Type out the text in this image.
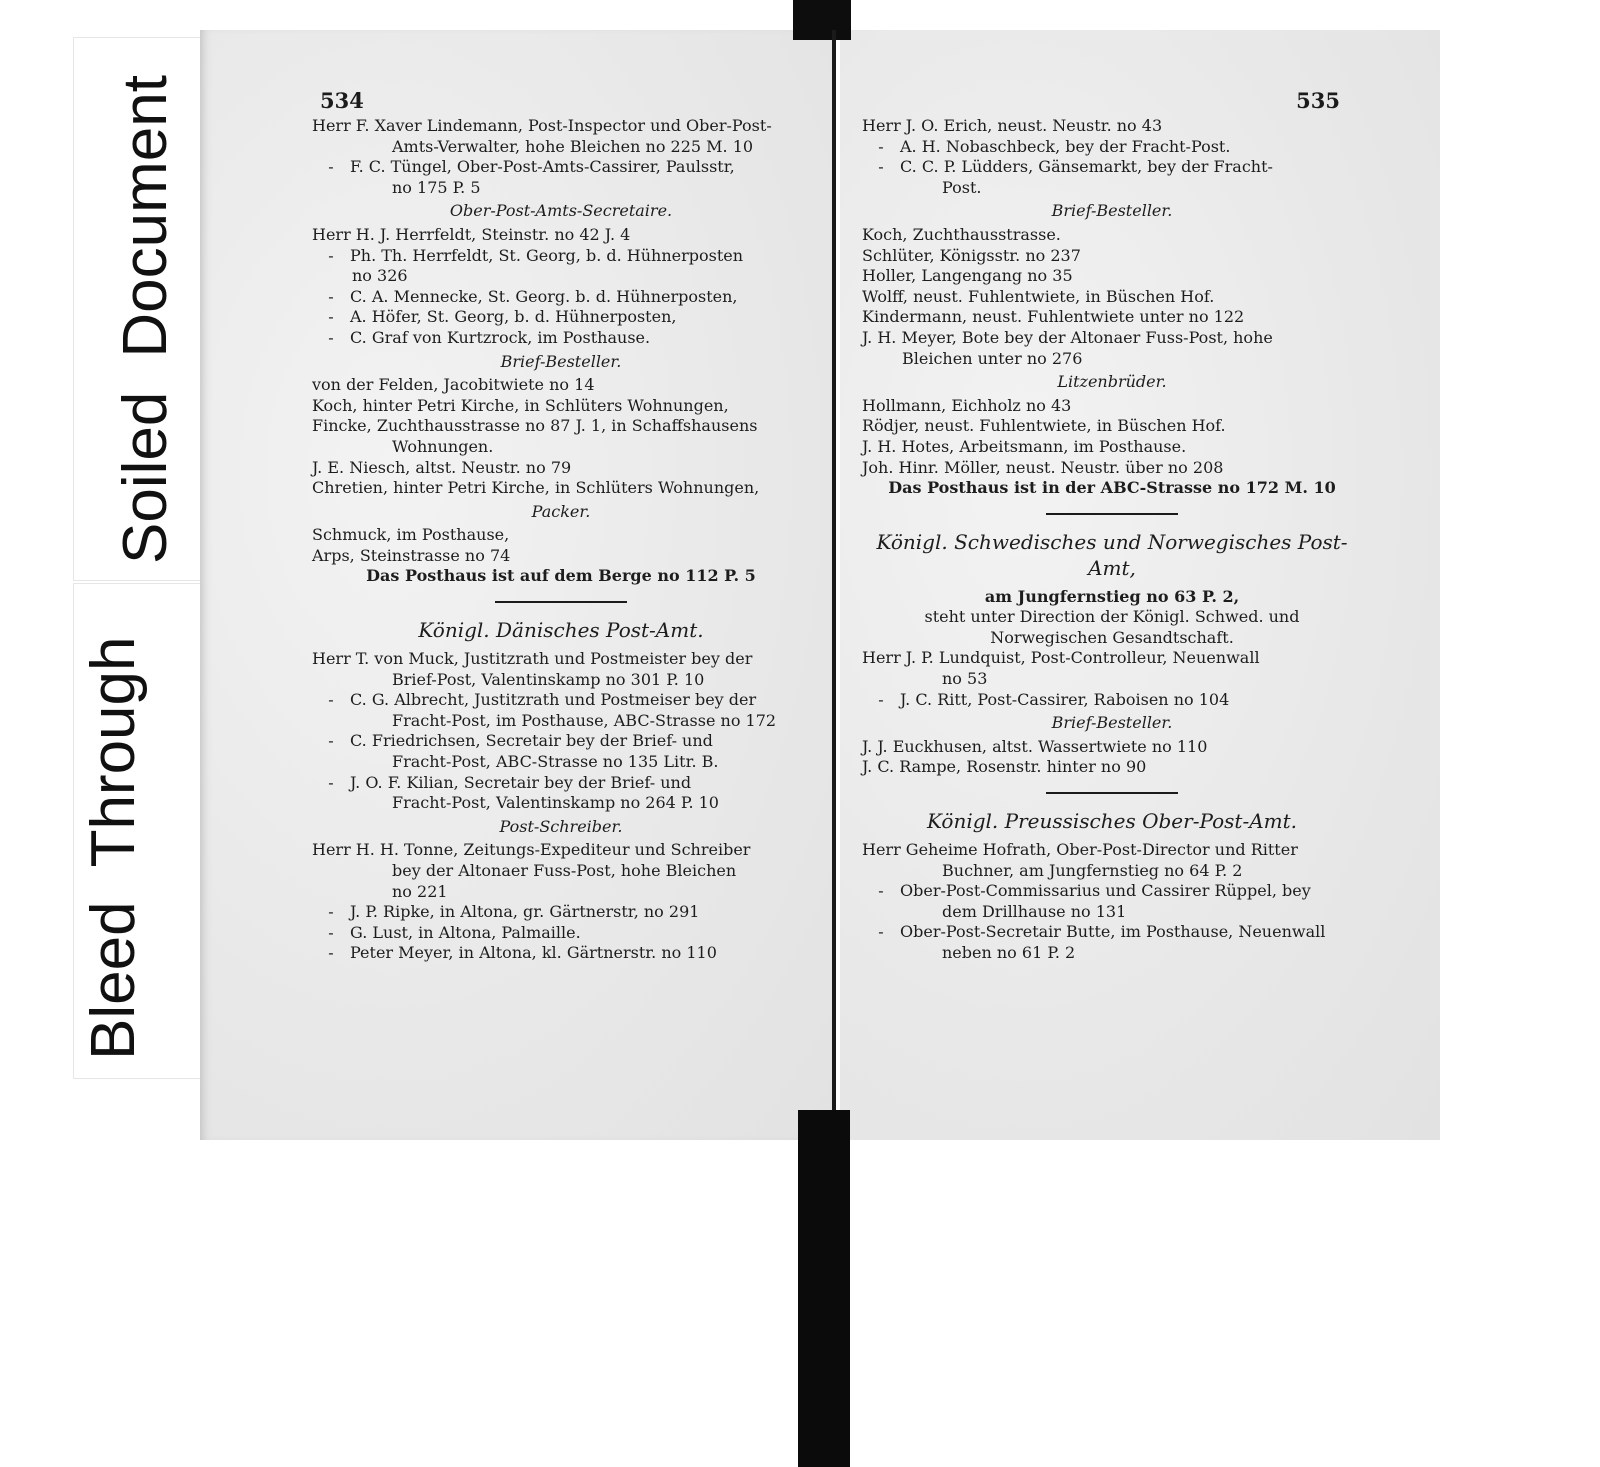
SoiledDocument
BleedThrough
534
Herr F. Xaver Lindemann, Post-Inspector und Ober-Post-
Amts-Verwalter, hohe Bleichen no 225 M. 10
- F. C. Tüngel, Ober-Post-Amts-Cassirer, Paulsstr,
no 175 P. 5
Ober-Post-Amts-Secretaire.
Herr H. J. Herrfeldt, Steinstr. no 42 J. 4
- Ph. Th. Herrfeldt, St. Georg, b. d. Hühnerposten
no 326
- C. A. Mennecke, St. Georg. b. d. Hühnerposten,
- A. Höfer, St. Georg, b. d. Hühnerposten,
- C. Graf von Kurtzrock, im Posthause.
Brief-Besteller.
von der Felden, Jacobitwiete no 14
Koch, hinter Petri Kirche, in Schlüters Wohnungen,
Fincke, Zuchthausstrasse no 87 J. 1, in Schaffshausens
Wohnungen.
J. E. Niesch, altst. Neustr. no 79
Chretien, hinter Petri Kirche, in Schlüters Wohnungen,
Packer.
Schmuck, im Posthause,
Arps, Steinstrasse no 74
Das Posthaus ist auf dem Berge no 112 P. 5
Königl. Dänisches Post-Amt.
Herr T. von Muck, Justitzrath und Postmeister bey der
Brief-Post, Valentinskamp no 301 P. 10
- C. G. Albrecht, Justitzrath und Postmeiser bey der
Fracht-Post, im Posthause, ABC-Strasse no 172
- C. Friedrichsen, Secretair bey der Brief- und
Fracht-Post, ABC-Strasse no 135 Litr. B.
- J. O. F. Kilian, Secretair bey der Brief- und
Fracht-Post, Valentinskamp no 264 P. 10
Post-Schreiber.
Herr H. H. Tonne, Zeitungs-Expediteur und Schreiber
bey der Altonaer Fuss-Post, hohe Bleichen
no 221
- J. P. Ripke, in Altona, gr. Gärtnerstr, no 291
- G. Lust, in Altona, Palmaille.
- Peter Meyer, in Altona, kl. Gärtnerstr. no 110
535
Herr J. O. Erich, neust. Neustr. no 43
- A. H. Nobaschbeck, bey der Fracht-Post.
- C. C. P. Lüdders, Gänsemarkt, bey der Fracht-
Post.
Brief-Besteller.
Koch, Zuchthausstrasse.
Schlüter, Königsstr. no 237
Holler, Langengang no 35
Wolff, neust. Fuhlentwiete, in Büschen Hof.
Kindermann, neust. Fuhlentwiete unter no 122
J. H. Meyer, Bote bey der Altonaer Fuss-Post, hohe
Bleichen unter no 276
Litzenbrüder.
Hollmann, Eichholz no 43
Rödjer, neust. Fuhlentwiete, in Büschen Hof.
J. H. Hotes, Arbeitsmann, im Posthause.
Joh. Hinr. Möller, neust. Neustr. über no 208
Das Posthaus ist in der ABC-Strasse no 172 M. 10
Königl. Schwedisches und Norwegisches Post-Amt,
am Jungfernstieg no 63 P. 2,
steht unter Direction der Königl. Schwed. und
Norwegischen Gesandtschaft.
Herr J. P. Lundquist, Post-Controlleur, Neuenwall
no 53
- J. C. Ritt, Post-Cassirer, Raboisen no 104
Brief-Besteller.
J. J. Euckhusen, altst. Wassertwiete no 110
J. C. Rampe, Rosenstr. hinter no 90
Königl. Preussisches Ober-Post-Amt.
Herr Geheime Hofrath, Ober-Post-Director und Ritter
Buchner, am Jungfernstieg no 64 P. 2
- Ober-Post-Commissarius und Cassirer Rüppel, bey
dem Drillhause no 131
- Ober-Post-Secretair Butte, im Posthause, Neuenwall
neben no 61 P. 2
